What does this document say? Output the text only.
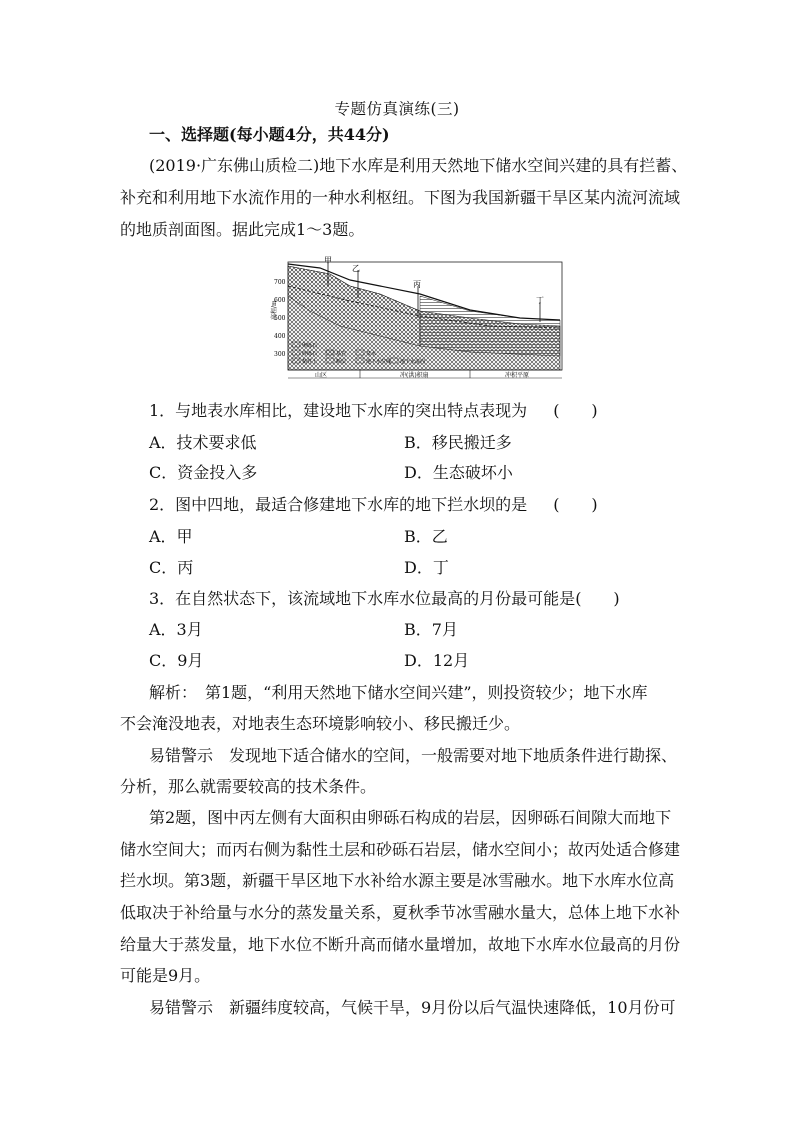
专题仿真演练(三)
一、选择题(每小题4分，共44分)
(2019·广东佛山质检二)地下水库是利用天然地下储水空间兴建的具有拦蓄、
补充和利用地下水流作用的一种水利枢纽。下图为我国新疆干旱区某内流河流域
的地质剖面图。据此完成1～3题。
甲
乙
丙
丁
高程/m
700
600
500
400
300
卵砾石
砂砾石	基岩	泉水
黏性土	断层	地下水位线 地下水流向
山区	冲(洪)积扇	冲积平原
1．与地表水库相比，建设地下水库的突出特点表现为 (　　)
A．技术要求低	B．移民搬迁多
C．资金投入多	D．生态破坏小
2．图中四地，最适合修建地下水库的地下拦水坝的是 (　　)
A．甲	B．乙
C．丙	D．丁
3．在自然状态下，该流域地下水库水位最高的月份最可能是(　　)
A．3月	B．7月
C．9月	D．12月
解析：　第1题，“利用天然地下储水空间兴建”，则投资较少；地下水库
不会淹没地表，对地表生态环境影响较小、移民搬迁少。
易错警示　发现地下适合储水的空间，一般需要对地下地质条件进行勘探、
分析，那么就需要较高的技术条件。
第2题，图中丙左侧有大面积由卵砾石构成的岩层，因卵砾石间隙大而地下
储水空间大；而丙右侧为黏性土层和砂砾石岩层，储水空间小；故丙处适合修建
拦水坝。第3题，新疆干旱区地下水补给水源主要是冰雪融水。地下水库水位高
低取决于补给量与水分的蒸发量关系，夏秋季节冰雪融水量大，总体上地下水补
给量大于蒸发量，地下水位不断升高而储水量增加，故地下水库水位最高的月份
可能是9月。
易错警示　新疆纬度较高，气候干旱，9月份以后气温快速降低，10月份可
